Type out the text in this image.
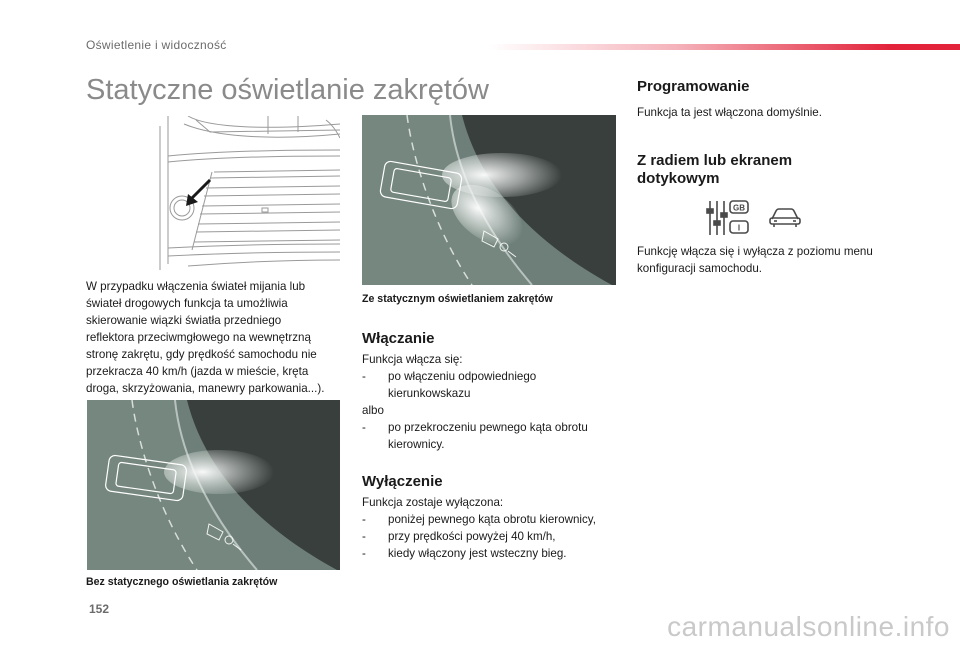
Oświetlenie i widoczność
Statyczne oświetlanie zakrętów
W przypadku włączenia świateł mijania lub
świateł drogowych funkcja ta umożliwia
skierowanie wiązki światła przedniego
reflektora przeciwmgłowego na wewnętrzną
stronę zakrętu, gdy prędkość samochodu nie
przekracza 40 km/h (jazda w mieście, kręta
droga, skrzyżowania, manewry parkowania...).
Bez statycznego oświetlania zakrętów
Ze statycznym oświetlaniem zakrętów
Włączanie
Funkcja włącza się:
- po włączeniu odpowiedniego
kierunkowskazu
albo
- po przekroczeniu pewnego kąta obrotu
kierownicy.
Wyłączenie
Funkcja zostaje wyłączona:
- poniżej pewnego kąta obrotu kierownicy,
- przy prędkości powyżej 40 km/h,
- kiedy włączony jest wsteczny bieg.
Programowanie
Funkcja ta jest włączona domyślnie.
Z radiem lub ekranem
dotykowym
GB
I
Funkcję włącza się i wyłącza z poziomu menu
konfiguracji samochodu.
152
carmanualsonline.info
